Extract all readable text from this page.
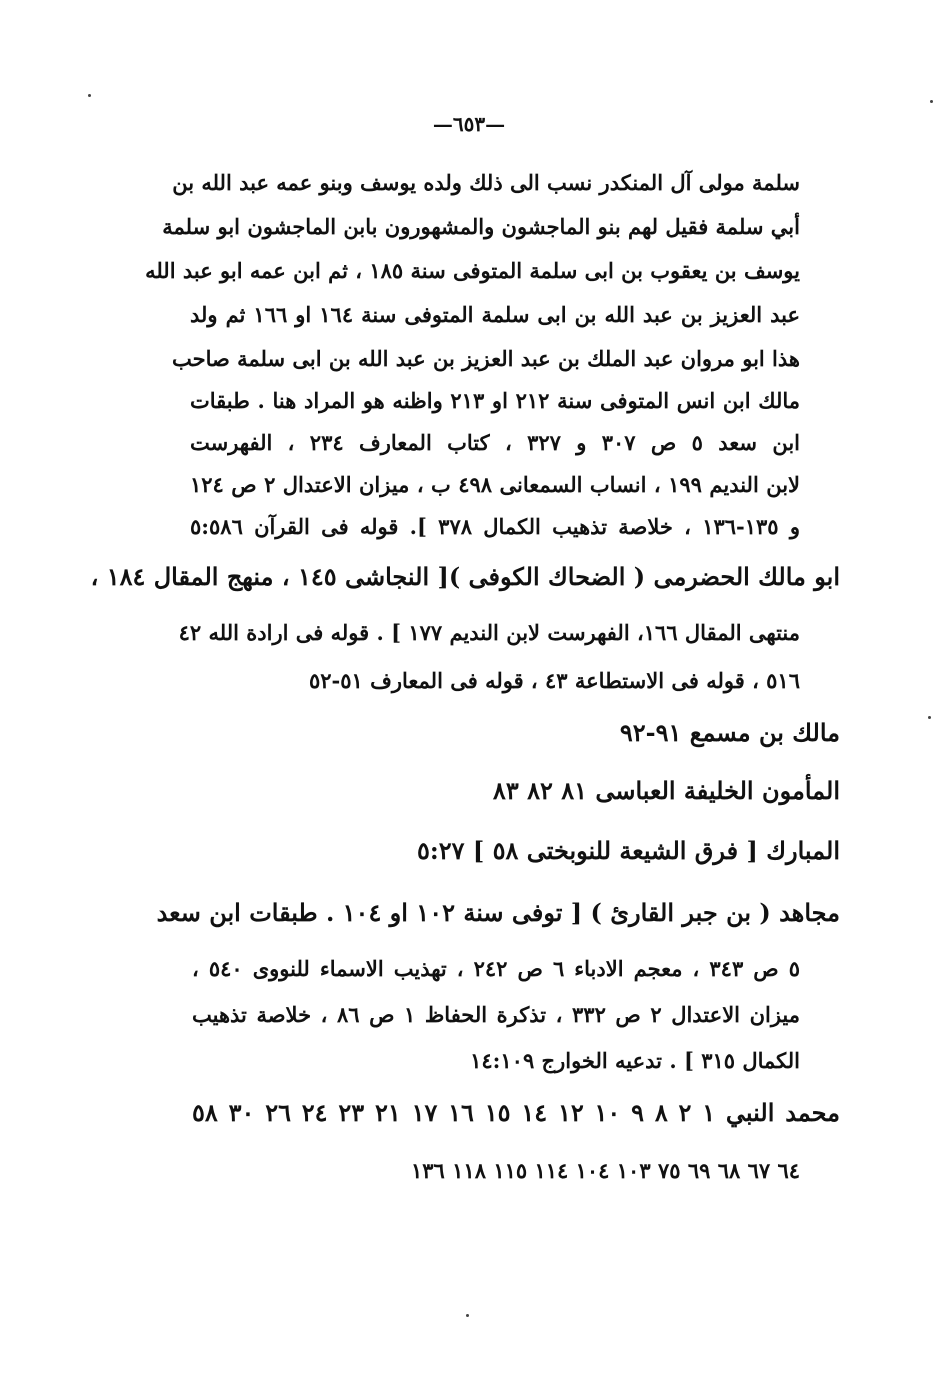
—٦٥٣—
سلمة مولى آل المنكدر نسب الى ذلك ولده يوسف وبنو عمه عبد الله بن
أبي سلمة فقيل لهم بنو الماجشون والمشهورون بابن الماجشون ابو سلمة
يوسف بن يعقوب بن ابى سلمة المتوفى سنة ١٨٥ ، ثم ابن عمه ابو عبد الله
عبد العزيز بن عبد الله بن ابى سلمة المتوفى سنة ١٦٤ او ١٦٦ ثم ولد
هذا ابو مروان عبد الملك بن عبد العزيز بن عبد الله بن ابى سلمة صاحب
مالك ابن انس المتوفى سنة ٢١٢ او ٢١٣ واظنه هو المراد هنا . طبقات
ابن سعد ٥ ص ٣٠٧ و ٣٢٧ ، كتاب المعارف ٢٣٤ ، الفهرست
لابن النديم ١٩٩ ، انساب السمعانى ٤٩٨ ب ، ميزان الاعتدال ٢ ص ١٢٤
و ١٣٥-١٣٦ ، خلاصة تذهيب الكمال ٣٧٨ ]. قوله فى القرآن ٥:٥٨٦
ابو مالك الحضرمى ( الضحاك الكوفى )[ النجاشى ١٤٥ ، منهج المقال ١٨٤ ،
منتهى المقال ١٦٦، الفهرست لابن النديم ١٧٧ ] . قوله فى ارادة الله ٤٢
٥١٦ ، قوله فى الاستطاعة ٤٣ ، قوله فى المعارف ٥١-٥٢
مالك بن مسمع ٩١-٩٢
المأمون الخليفة العباسى ٨١ ٨٢ ٨٣
المبارك [ فرق الشيعة للنوبختى ٥٨ ] ٥:٢٧
مجاهد ( بن جبر القارئ ) [ توفى سنة ١٠٢ او ١٠٤ . طبقات ابن سعد
٥ ص ٣٤٣ ، معجم الادباء ٦ ص ٢٤٢ ، تهذيب الاسماء للنووى ٥٤٠ ،
ميزان الاعتدال ٢ ص ٣٣٢ ، تذكرة الحفاظ ١ ص ٨٦ ، خلاصة تذهيب
الكمال ٣١٥ ] . تدعيه الخوارج ١٤:١٠٩
محمد النبي ١ ٢ ٨ ٩ ١٠ ١٢ ١٤ ١٥ ١٦ ١٧ ٢١ ٢٣ ٢٤ ٢٦ ٣٠ ٥٨
٦٤ ٦٧ ٦٨ ٦٩ ٧٥ ١٠٣ ١٠٤ ١١٤ ١١٥ ١١٨ ١٣٦
